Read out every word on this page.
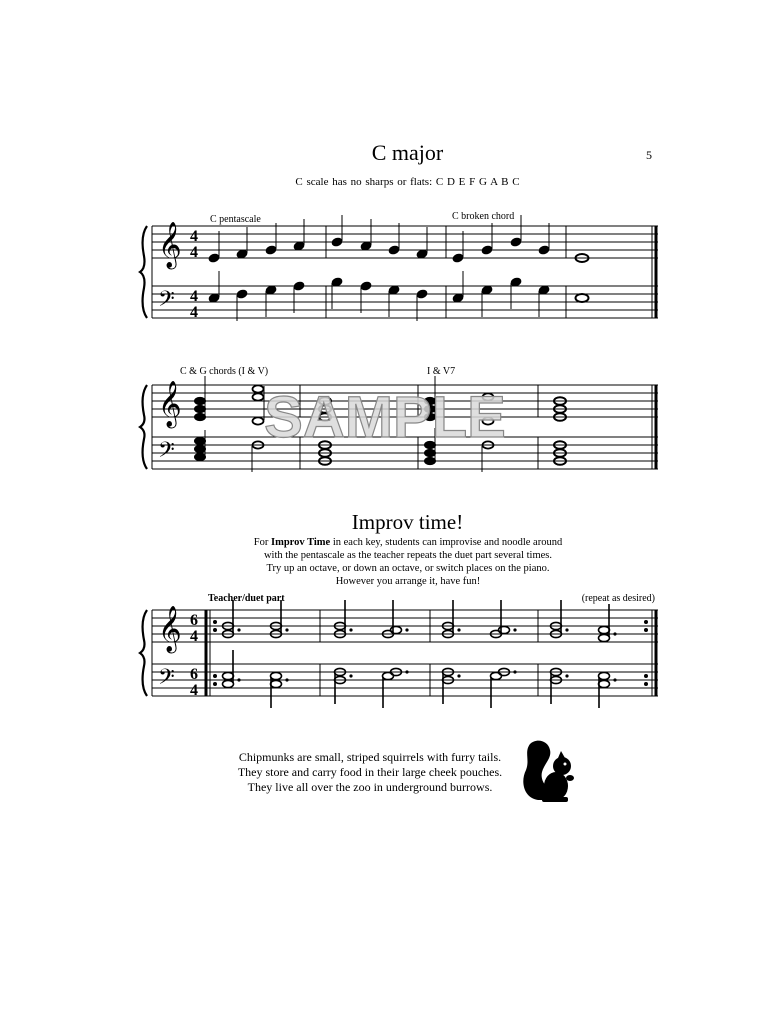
C major	5
C scale has no sharps or flats: C D E F G A B C
𝄞
𝄢
𝄞
𝄢
𝄞
𝄢
4
4
4
4
6
4
6
4
C pentascale	C broken chord
C & G chords (I & V)	I & V7
Teacher/duet part	(repeat as desired)
SAMPLE
Improv time!
For Improv Time in each key, students can improvise and noodle around
with the pentascale as the teacher repeats the duet part several times.
Try up an octave, or down an octave, or switch places on the piano.
However you arrange it, have fun!
Chipmunks are small, striped squirrels with furry tails.
They store and carry food in their large cheek pouches.
They live all over the zoo in underground burrows.
